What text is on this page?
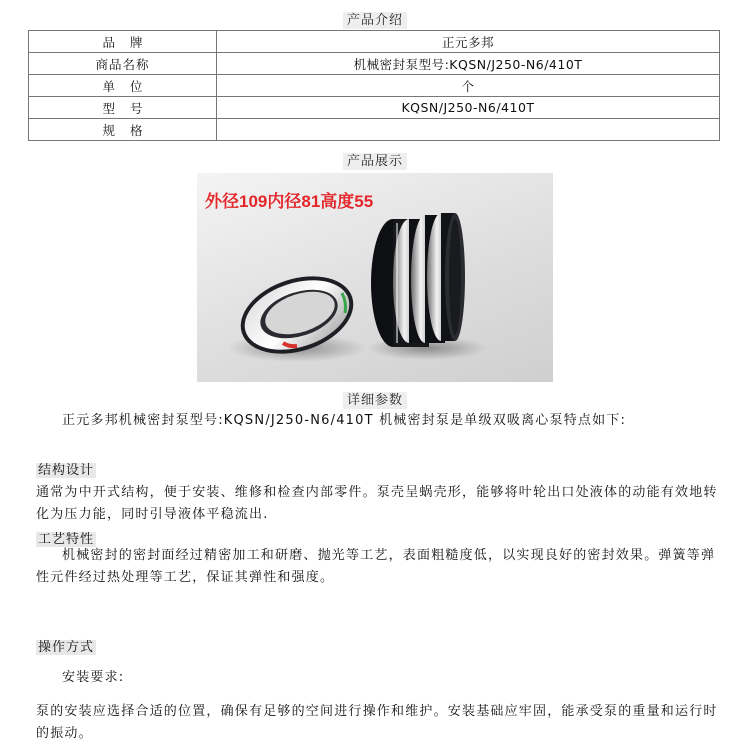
产品介绍
品牌	正元多邦
商品名称	机械密封泵型号:KQSN/J250-N6/410T
单位	个
型号	KQSN/J250-N6/410T
规格	
产品展示
外径109内径81高度55
详细参数
正元多邦机械密封泵型号:KQSN/J250-N6/410T 机械密封泵是单级双吸离心泵特点如下:
结构设计
通常为中开式结构，便于安装、维修和检查内部零件。泵壳呈蜗壳形，能够将叶轮出口处液体的动能有效地转化为压力能，同时引导液体平稳流出.
工艺特性
机械密封的密封面经过精密加工和研磨、抛光等工艺，表面粗糙度低，以实现良好的密封效果。弹簧等弹性元件经过热处理等工艺，保证其弹性和强度。
操作方式
安装要求:
泵的安装应选择合适的位置，确保有足够的空间进行操作和维护。安装基础应牢固，能承受泵的重量和运行时的振动。
